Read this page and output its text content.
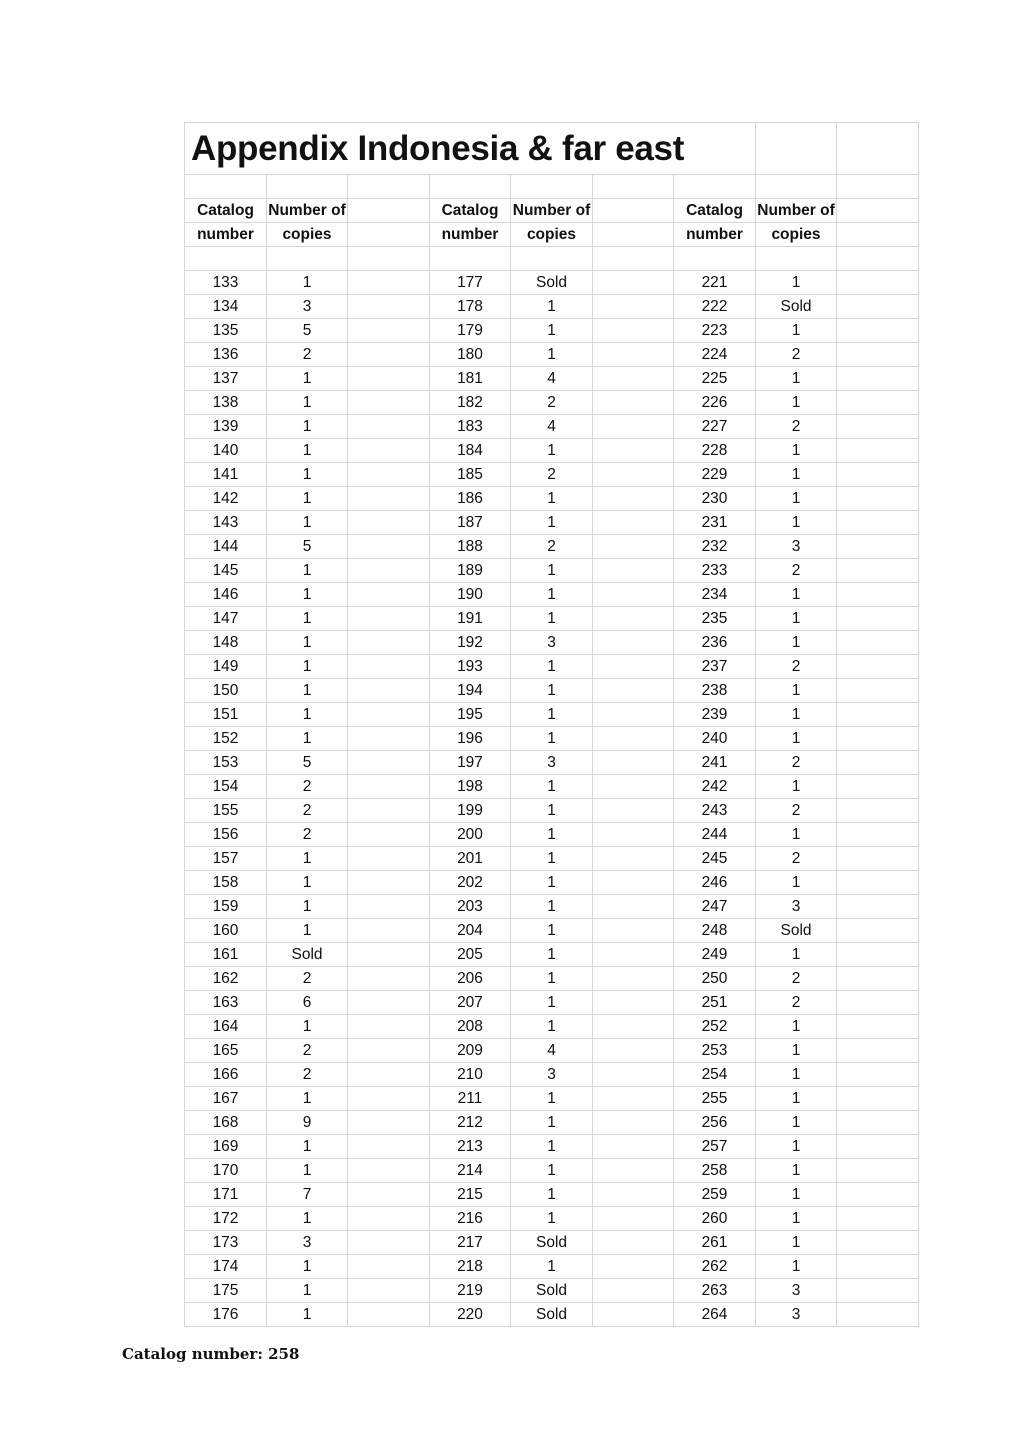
Appendix Indonesia & far east								

Catalog	Number of		Catalog	Number of		Catalog	Number of	
number	copies		number	copies		number	copies	

133	1		177	Sold		221	1	
134	3		178	1		222	Sold	
135	5		179	1		223	1	
136	2		180	1		224	2	
137	1		181	4		225	1	
138	1		182	2		226	1	
139	1		183	4		227	2	
140	1		184	1		228	1	
141	1		185	2		229	1	
142	1		186	1		230	1	
143	1		187	1		231	1	
144	5		188	2		232	3	
145	1		189	1		233	2	
146	1		190	1		234	1	
147	1		191	1		235	1	
148	1		192	3		236	1	
149	1		193	1		237	2	
150	1		194	1		238	1	
151	1		195	1		239	1	
152	1		196	1		240	1	
153	5		197	3		241	2	
154	2		198	1		242	1	
155	2		199	1		243	2	
156	2		200	1		244	1	
157	1		201	1		245	2	
158	1		202	1		246	1	
159	1		203	1		247	3	
160	1		204	1		248	Sold	
161	Sold		205	1		249	1	
162	2		206	1		250	2	
163	6		207	1		251	2	
164	1		208	1		252	1	
165	2		209	4		253	1	
166	2		210	3		254	1	
167	1		211	1		255	1	
168	9		212	1		256	1	
169	1		213	1		257	1	
170	1		214	1		258	1	
171	7		215	1		259	1	
172	1		216	1		260	1	
173	3		217	Sold		261	1	
174	1		218	1		262	1	
175	1		219	Sold		263	3	
176	1		220	Sold		264	3	
Catalog number: 258
